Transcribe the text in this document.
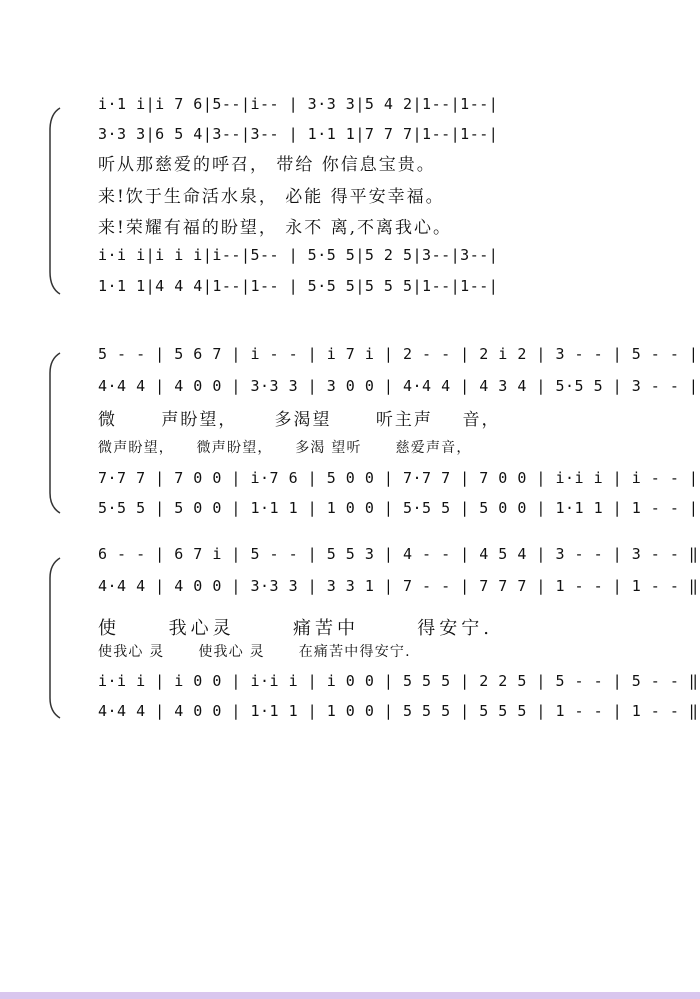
i·1 i|i 7 6|5--|i-- | 3·3 3|5 4 2|1--|1--|
3·3 3|6 5 4|3--|3-- | 1·1 1|7 7 7|1--|1--|
听从那慈爱的呼召， 带给 你信息宝贵。
来!饮于生命活水泉， 必能 得平安幸福。
来!荣耀有福的盼望， 永不 离,不离我心。
i·i i|i i i|i--|5-- | 5·5 5|5 2 5|3--|3--|
1·1 1|4 4 4|1--|1-- | 5·5 5|5 5 5|1--|1--|
5 - - | 5 6 7 | i - - | i 7 i | 2 - - | 2 i 2 | 3 - - | 5 - - |
4·4 4 | 4 0 0 | 3·3 3 | 3 0 0 | 4·4 4 | 4 3 4 | 5·5 5 | 3 - - |
微      声盼望，     多渴望      听主声    音，
微声盼望，    微声盼望，    多渴 望听      慈爱声音，
7·7 7 | 7 0 0 | i·7 6 | 5 0 0 | 7·7 7 | 7 0 0 | i·i i | i - - |
5·5 5 | 5 0 0 | 1·1 1 | 1 0 0 | 5·5 5 | 5 0 0 | 1·1 1 | 1 - - |
6 - - | 6 7 i | 5 - - | 5 5 3 | 4 - - | 4 5 4 | 3 - - | 3 - - ‖
4·4 4 | 4 0 0 | 3·3 3 | 3 3 1 | 7 - - | 7 7 7 | 1 - - | 1 - - ‖
使     我心灵      痛苦中      得安宁.
使我心 灵      使我心 灵      在痛苦中得安宁.
i·i i | i 0 0 | i·i i | i 0 0 | 5 5 5 | 2 2 5 | 5 - - | 5 - - ‖
4·4 4 | 4 0 0 | 1·1 1 | 1 0 0 | 5 5 5 | 5 5 5 | 1 - - | 1 - - ‖
